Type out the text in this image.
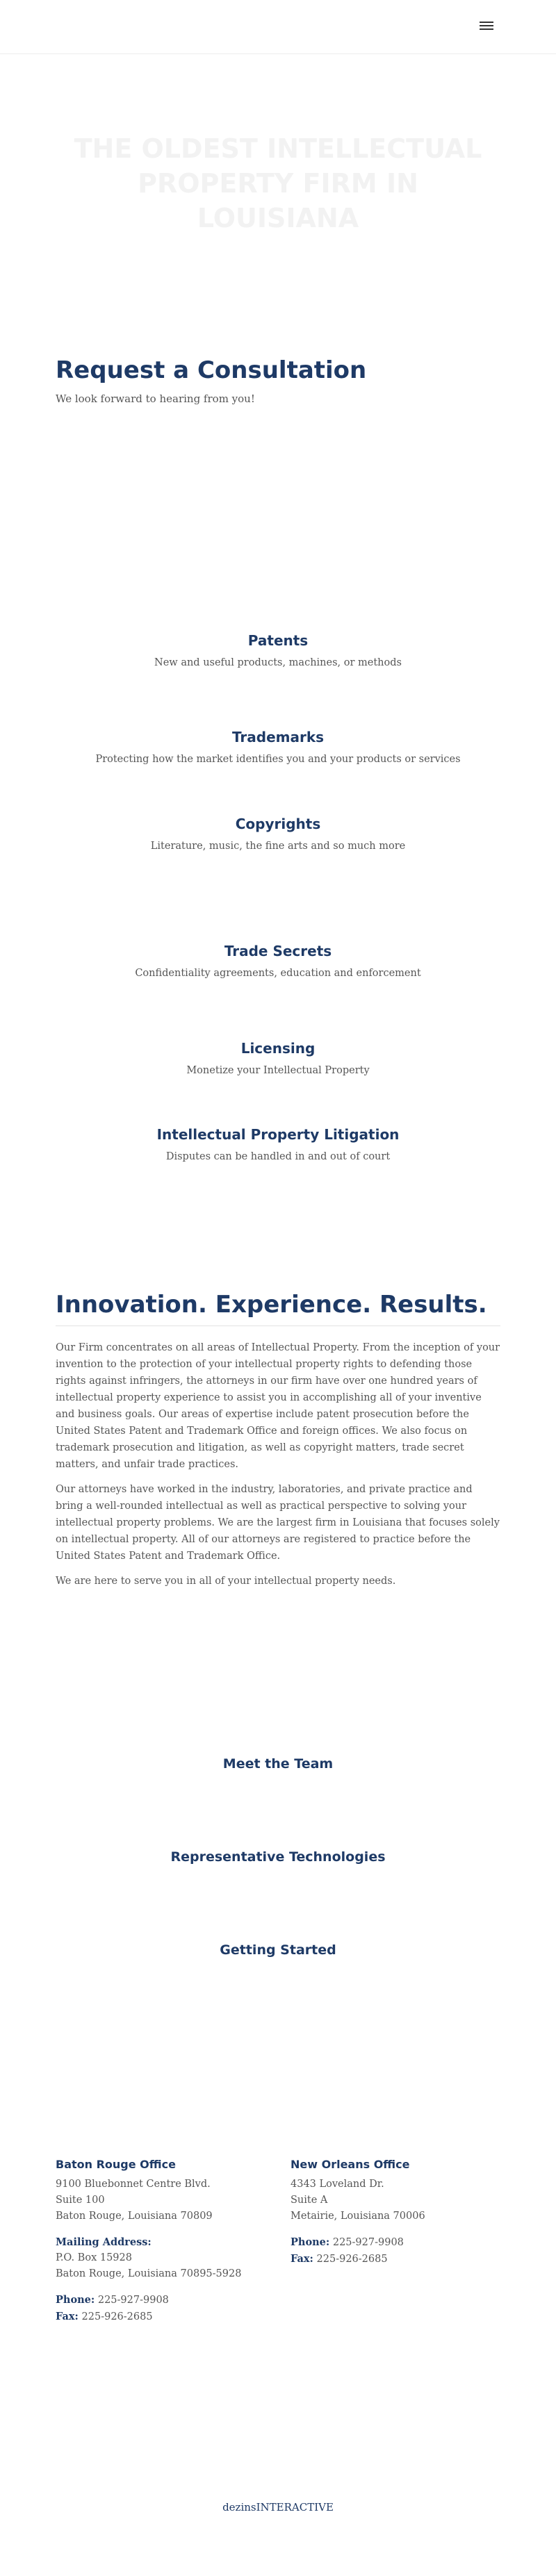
THE OLDEST INTELLECTUAL PROPERTY FIRM IN LOUISIANA
Request a Consultation

We look forward to hearing from you!

Patents

New and useful products, machines, or methods

Trademarks

Protecting how the market identifies you and your products or services

Copyrights

Literature, music, the fine arts and so much more

Trade Secrets

Confidentiality agreements, education and enforcement

Licensing

Monetize your Intellectual Property

Intellectual Property Litigation

Disputes can be handled in and out of court

Innovation. Experience. Results.

Our Firm concentrates on all areas of Intellectual Property. From the inception of your invention to the protection of your intellectual property rights to defending those rights against infringers, the attorneys in our firm have over one hundred years of intellectual property experience to assist you in accomplishing all of your inventive and business goals. Our areas of expertise include patent prosecution before the United States Patent and Trademark Office and foreign offices. We also focus on trademark prosecution and litigation, as well as copyright matters, trade secret matters, and unfair trade practices.

Our attorneys have worked in the industry, laboratories, and private practice and bring a well-rounded intellectual as well as practical perspective to solving your intellectual property problems. We are the largest firm in Louisiana that focuses solely on intellectual property. All of our attorneys are registered to practice before the United States Patent and Trademark Office.

We are here to serve you in all of your intellectual property needs.

Meet the Team
Representative Technologies
Getting Started
Baton Rouge Office
9100 Bluebonnet Centre Blvd.
Suite 100
Baton Rouge, Louisiana 70809
Mailing Address:
P.O. Box 15928
Baton Rouge, Louisiana 70895-5928
Phone: 225-927-9908
Fax: 225-926-2685
New Orleans Office
4343 Loveland Dr.
Suite A
Metairie, Louisiana 70006
Phone: 225-927-9908
Fax: 225-926-2685
dezinsINTERACTIVE
